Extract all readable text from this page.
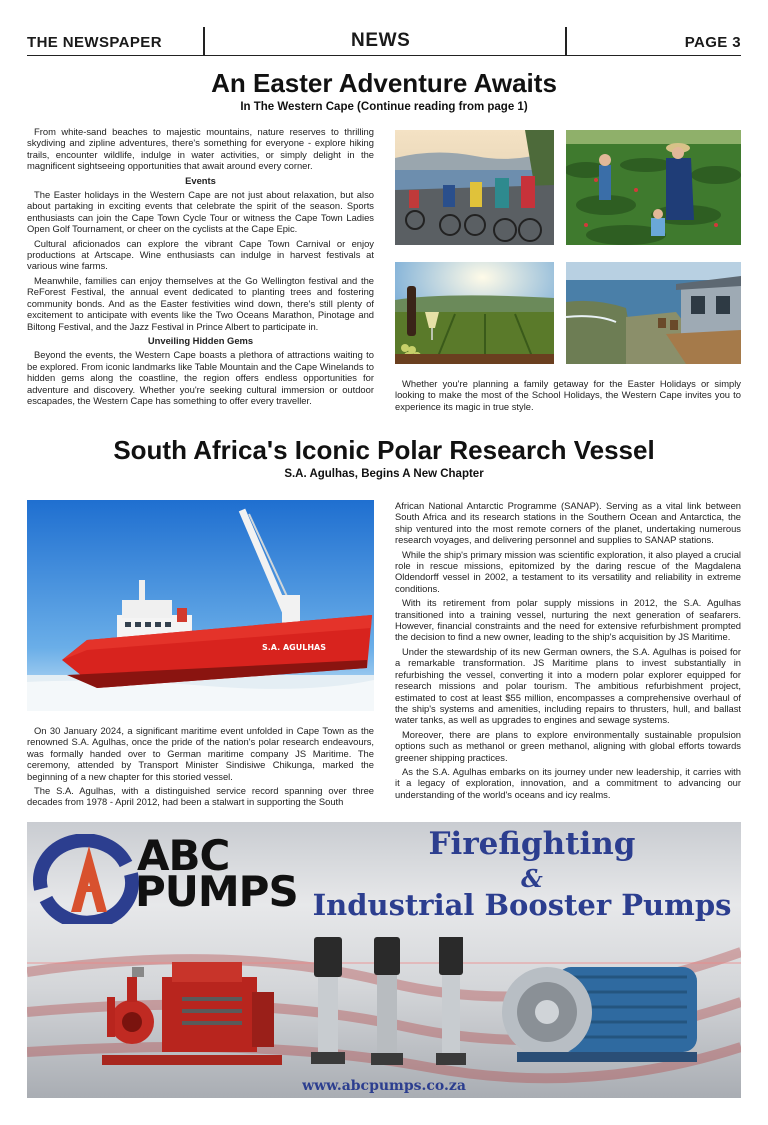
THE NEWSPAPER	NEWS	PAGE 3
An Easter Adventure Awaits
In The Western Cape (Continue reading from page 1)

From white-sand beaches to majestic mountains, nature reserves to thrilling skydiving and zipline adventures, there's something for everyone - explore hiking trails, encounter wildlife, indulge in water activities, or simply delight in the magnificent sightseeing opportunities that await around every corner.

Events

The Easter holidays in the Western Cape are not just about relaxation, but also about partaking in exciting events that celebrate the spirit of the season. Sports enthusiasts can join the Cape Town Cycle Tour or witness the Cape Town Ladies Open Golf Tournament, or cheer on the cyclists at the Cape Epic.

Cultural aficionados can explore the vibrant Cape Town Carnival or enjoy productions at Artscape. Wine enthusiasts can indulge in harvest festivals at various wine farms.

Meanwhile, families can enjoy themselves at the Go Wellington festival and the ReForest Festival, the annual event dedicated to planting trees and fostering community bonds. And as the Easter festivities wind down, there's still plenty of excitement to anticipate with events like the Two Oceans Marathon, Pinotage and Biltong Festival, and the Jazz Festival in Prince Albert to participate in.

Unveiling Hidden Gems

Beyond the events, the Western Cape boasts a plethora of attractions waiting to be explored. From iconic landmarks like Table Mountain and the Cape Winelands to hidden gems along the coastline, the region offers endless opportunities for adventure and discovery. Whether you're seeking cultural immersion or outdoor escapades, the Western Cape has something to offer every traveller.

Whether you're planning a family getaway for the Easter Holidays or simply looking to make the most of the School Holidays, the Western Cape invites you to experience its magic in true style.

South Africa's Iconic Polar Research Vessel
S.A. Agulhas, Begins A New Chapter
S.A. AGULHAS

On 30 January 2024, a significant maritime event unfolded in Cape Town as the renowned S.A. Agulhas, once the pride of the nation's polar research endeavours, was formally handed over to German maritime company JS Maritime. The ceremony, attended by Transport Minister Sindisiwe Chikunga, marked the beginning of a new chapter for this storied vessel.

The S.A. Agulhas, with a distinguished service record spanning over three decades from 1978 - April 2012, had been a stalwart in supporting the South

African National Antarctic Programme (SANAP). Serving as a vital link between South Africa and its research stations in the Southern Ocean and Antarctica, the ship ventured into the most remote corners of the planet, undertaking numerous research voyages, and delivering personnel and supplies to SANAP stations.

While the ship's primary mission was scientific exploration, it also played a crucial role in rescue missions, epitomized by the daring rescue of the Magdalena Oldendorff vessel in 2002, a testament to its versatility and reliability in extreme conditions.

With its retirement from polar supply missions in 2012, the S.A. Agulhas transitioned into a training vessel, nurturing the next generation of seafarers. However, financial constraints and the need for extensive refurbishment prompted the decision to find a new owner, leading to the ship's acquisition by JS Maritime.

Under the stewardship of its new German owners, the S.A. Agulhas is poised for a remarkable transformation. JS Maritime plans to invest substantially in refurbishing the vessel, converting it into a modern polar explorer equipped for research missions and polar tourism. The ambitious refurbishment project, estimated to cost at least $55 million, encompasses a comprehensive overhaul of the ship's systems and amenities, including repairs to thrusters, hull, and ballast water tanks, as well as upgrades to engines and sewage systems.

Moreover, there are plans to explore environmentally sustainable propulsion options such as methanol or green methanol, aligning with global efforts towards greener shipping practices.

As the S.A. Agulhas embarks on its journey under new leadership, it carries with it a legacy of exploration, innovation, and a commitment to advancing our understanding of the world's oceans and icy realms.

ABC
PUMPS
Firefighting
&
Industrial Booster Pumps
www.abcpumps.co.za
